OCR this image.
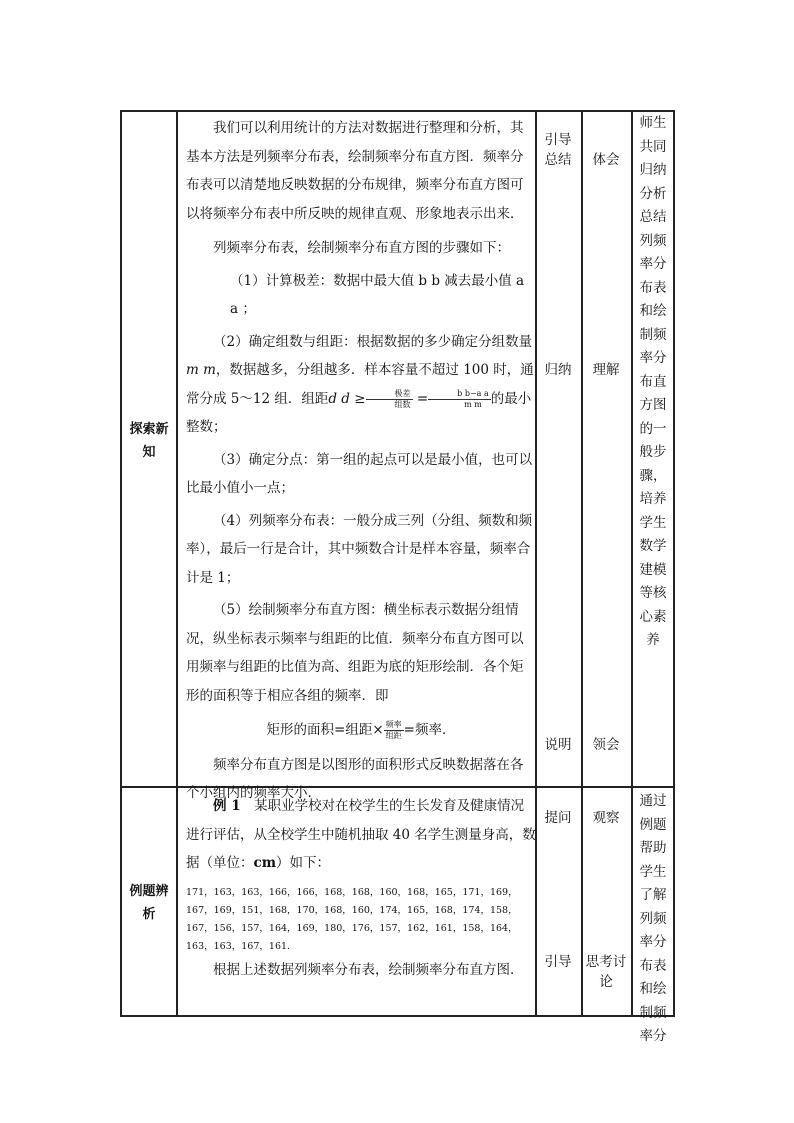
探索新知

我们可以利用统计的方法对数据进行整理和分析，其基本方法是列频率分布表，绘制频率分布直方图．频率分布表可以清楚地反映数据的分布规律，频率分布直方图可以将频率分布表中所反映的规律直观、形象地表示出来．

列频率分布表，绘制频率分布直方图的步骤如下：

（1）计算极差：数据中最大值 b b 减去最小值 a a ；

（2）确定组数与组距：根据数据的多少确定分组数量m m，数据越多，分组越多．样本容量不超过 100 时，通常分成 5～12 组．组距d $d \ge \frac{\text{极差}}{\text{组数}} = \frac{\text{b b−a a}}{\text{m m}}$ 的最小整数；

（3）确定分点：第一组的起点可以是最小值，也可以比最小值小一点；

（4）列频率分布表：一般分成三列（分组、频数和频率），最后一行是合计，其中频数合计是样本容量，频率合计是 1；

（5）绘制频率分布直方图：横坐标表示数据分组情况，纵坐标表示频率与组距的比值．频率分布直方图可以用频率与组距的比值为高、组距为底的矩形绘制．各个矩形的面积等于相应各组的频率．即

矩形的面积=组距× $\frac{\text{频率}}{\text{组距}}$ =频率．

频率分布直方图是以图形的面积形式反映数据落在各个小组内的频率大小．

引导总结
归纳
说明
体会
理解
领会
师生共同归纳分析总结列频率分布表和绘制频率分布直方图的一般步骤，培养学生数学建模等核心素养
例题辨析

例 1　某职业学校对在校学生的生长发育及健康情况进行评估，从全校学生中随机抽取 40 名学生测量身高，数据（单位：cm）如下：

171，163，163，166，166，168，168，160，168，165，171，169，167，169，151，168，170，168，160，174，165，168，174，158，167，156，157，164，169，180，176，157，162，161，158，164，163，163，167，161.

根据上述数据列频率分布表，绘制频率分布直方图．

提问
引导
观察
思考讨论
通过例题帮助学生了解列频率分布表和绘制频率分
